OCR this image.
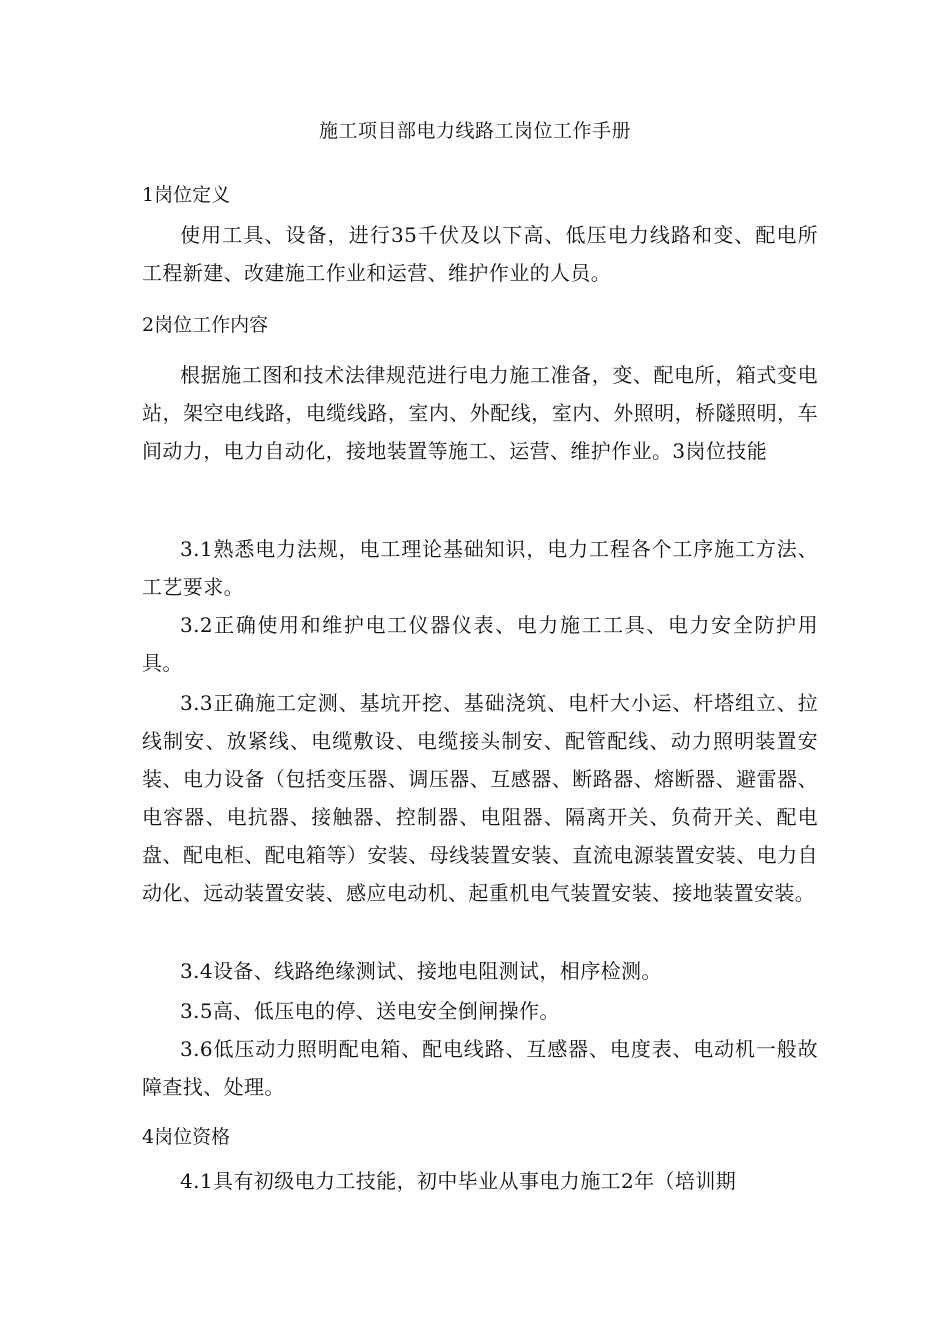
施工项目部电力线路工岗位工作手册
1岗位定义
使用工具、设备，进行35千伏及以下高、低压电力线路和变、配电所工程新建、改建施工作业和运营、维护作业的人员。
2岗位工作内容
根据施工图和技术法律规范进行电力施工准备，变、配电所，箱式变电站，架空电线路，电缆线路，室内、外配线，室内、外照明，桥隧照明，车间动力，电力自动化，接地装置等施工、运营、维护作业。3岗位技能
3.1熟悉电力法规，电工理论基础知识，电力工程各个工序施工方法、工艺要求。
3.2正确使用和维护电工仪器仪表、电力施工工具、电力安全防护用具。
3.3正确施工定测、基坑开挖、基础浇筑、电杆大小运、杆塔组立、拉线制安、放紧线、电缆敷设、电缆接头制安、配管配线、动力照明装置安装、电力设备（包括变压器、调压器、互感器、断路器、熔断器、避雷器、电容器、电抗器、接触器、控制器、电阻器、隔离开关、负荷开关、配电盘、配电柜、配电箱等）安装、母线装置安装、直流电源装置安装、电力自动化、远动装置安装、感应电动机、起重机电气装置安装、接地装置安装。
3.4设备、线路绝缘测试、接地电阻测试，相序检测。
3.5高、低压电的停、送电安全倒闸操作。
3.6低压动力照明配电箱、配电线路、互感器、电度表、电动机一般故障查找、处理。
4岗位资格
4.1具有初级电力工技能，初中毕业从事电力施工2年（培训期
